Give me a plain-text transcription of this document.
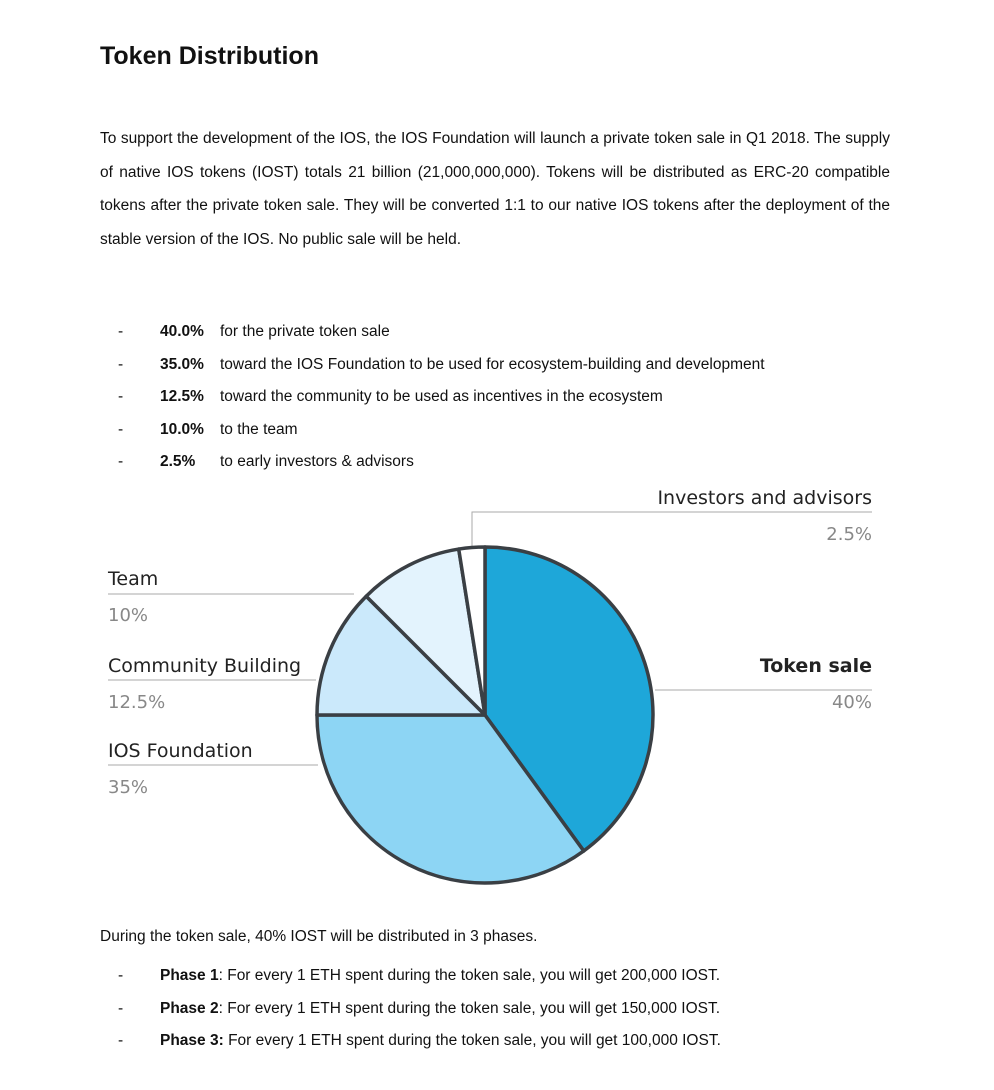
Token Distribution

To support the development of the IOS, the IOS Foundation will launch a private token sale in Q1 2018. The supply of native IOS tokens (IOST) totals 21 billion (21,000,000,000). Tokens will be distributed as ERC-20 compatible tokens after the private token sale. They will be converted 1:1 to our native IOS tokens after the deployment of the stable version of the IOS. No public sale will be held.

- 40.0% for the private token sale
- 35.0% toward the IOS Foundation to be used for ecosystem-building and development
- 12.5% toward the community to be used as incentives in the ecosystem
- 10.0% to the team
- 2.5% to early investors & advisors
Token sale
40%
IOS Foundation
35%
Community Building
12.5%
Team
10%
Investors and advisors
2.5%

During the token sale, 40% IOST will be distributed in 3 phases.

- Phase 1: For every 1 ETH spent during the token sale, you will get 200,000 IOST.
- Phase 2: For every 1 ETH spent during the token sale, you will get 150,000 IOST.
- Phase 3: For every 1 ETH spent during the token sale, you will get 100,000 IOST.
